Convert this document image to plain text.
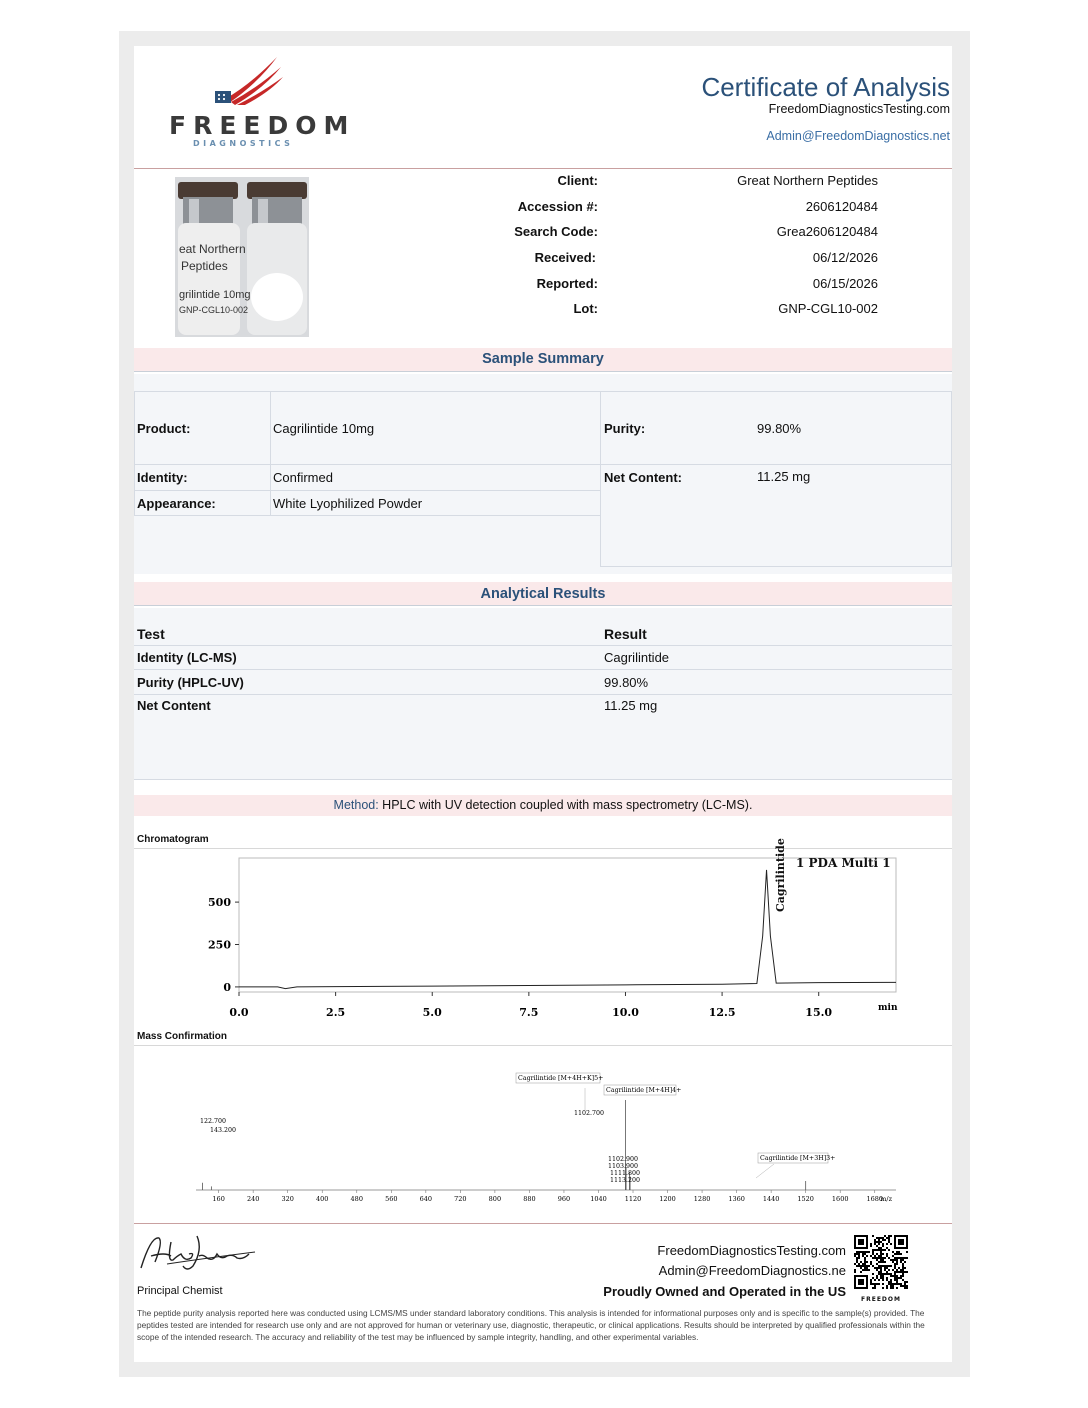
FREEDOM
DIAGNOSTICS
Certificate of Analysis
FreedomDiagnosticsTesting.com
Admin@FreedomDiagnostics.net
eat Northern
Peptides
grilintide 10mg
GNP-CGL10-002
Client:	Great Northern Peptides
Accession #:	2606120484
Search Code:	Grea2606120484
Received:	06/12/2026
Reported:	06/15/2026
Lot:	GNP-CGL10-002
Sample Summary
Product:	Cagrilintide 10mg
Identity:	Confirmed
Appearance:	White Lyophilized Powder
Purity:	99.80%
Net Content:	11.25 mg
Analytical Results
Test	Result
Identity (LC-MS)	Cagrilintide
Purity (HPLC-UV)	99.80%
Net Content	11.25 mg
Method: HPLC with UV detection coupled with mass spectrometry (LC-MS).
Chromatogram
0.0	2.5	5.0	7.5	10.0	12.5	15.0
0
250
500
min
1 PDA Multi 1
Cagrilintide
Mass Confirmation
160	240	320	400	480	560	640	720	800	880	960	1040	1120	1200	1280	1360	1440	1520	1600	1680
m/z
122.700
143.200
1102.700
1102.900
1103.900
1111.800
1113.200
Cagrilintide [M+4H+K]5+
Cagrilintide [M+4H]4+
Cagrilintide [M+3H]3+
Principal Chemist
FreedomDiagnosticsTesting.com
Admin@FreedomDiagnostics.ne
Proudly Owned and Operated in the US
FREEDOM
The peptide purity analysis reported here was conducted using LCMS/MS under standard laboratory conditions. This analysis is intended for informational purposes only and is specific to the sample(s) provided. The peptides tested are intended for research use only and are not approved for human or veterinary use, diagnostic, therapeutic, or clinical applications. Results should be interpreted by qualified professionals within the scope of the intended research. The accuracy and reliability of the test may be influenced by sample integrity, handling, and other experimental variables.
